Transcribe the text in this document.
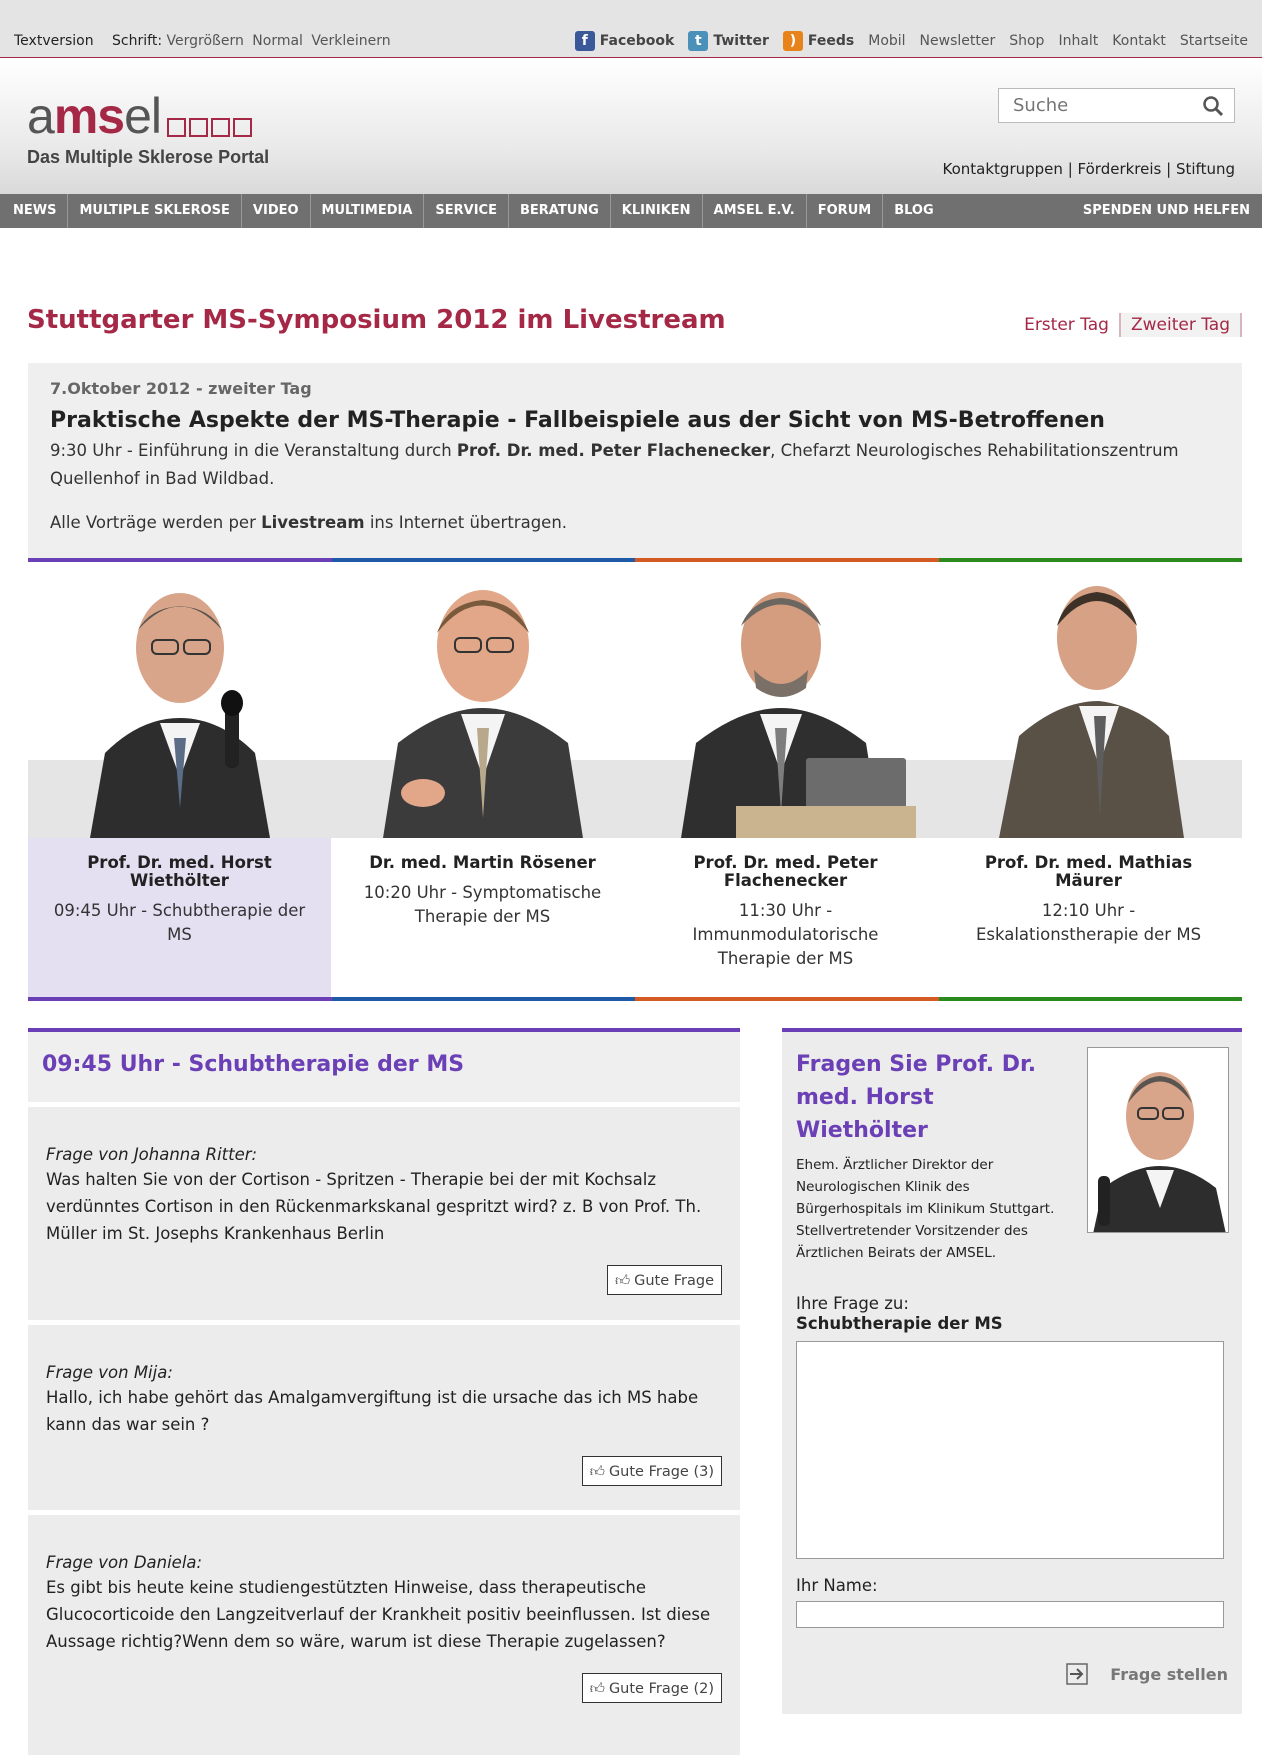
Textversion Schrift: Vergrößern Normal Verkleinern	f Facebook	t Twitter	) Feeds Mobil Newsletter Shop Inhalt Kontakt Startseite
amsel
Das Multiple Sklerose Portal
Suche
Kontaktgruppen | Förderkreis | Stiftung
NEWS	MULTIPLE SKLEROSE	VIDEO	MULTIMEDIA	SERVICE	BERATUNG	KLINIKEN	AMSEL E.V.	FORUM	BLOG	SPENDEN UND HELFEN
Stuttgarter MS-Symposium 2012 im Livestream	Erster Tag	Zweiter Tag
7.Oktober 2012 - zweiter Tag
Praktische Aspekte der MS-Therapie - Fallbeispiele aus der Sicht von MS-Betroffenen

9:30 Uhr - Einführung in die Veranstaltung durch Prof. Dr. med. Peter Flachenecker, Chefarzt Neurologisches Rehabilitationszentrum Quellenhof in Bad Wildbad.

Alle Vorträge werden per Livestream ins Internet übertragen.

Prof. Dr. med. Horst Wiethölter
09:45 Uhr - Schubtherapie der MS
Dr. med. Martin Rösener
10:20 Uhr - Symptomatische Therapie der MS
Prof. Dr. med. Peter Flachenecker
11:30 Uhr - Immunmodulatorische Therapie der MS
Prof. Dr. med. Mathias Mäurer
12:10 Uhr - Eskalationstherapie der MS
09:45 Uhr - Schubtherapie der MS
Frage von Johanna Ritter:
Was halten Sie von der Cortison - Spritzen - Therapie bei der mit Kochsalz verdünntes Cortison in den Rückenmarkskanal gespritzt wird? z. B von Prof. Th. Müller im St. Josephs Krankenhaus Berlin
👍︎ Gute Frage
Frage von Mija:
Hallo, ich habe gehört das Amalgamvergiftung ist die ursache das ich MS habe kann das war sein ?
👍︎ Gute Frage (3)
Frage von Daniela:
Es gibt bis heute keine studiengestützten Hinweise, dass therapeutische Glucocorticoide den Langzeitverlauf der Krankheit positiv beeinflussen. Ist diese Aussage richtig?Wenn dem so wäre, warum ist diese Therapie zugelassen?
👍︎ Gute Frage (2)
Fragen Sie Prof. Dr. med. Horst Wiethölter
Ehem. Ärztlicher Direktor der Neurologischen Klinik des Bürgerhospitals im Klinikum Stuttgart. Stellvertretender Vorsitzender des Ärztlichen Beirats der AMSEL.
Ihre Frage zu:
Schubtherapie der MS
Ihr Name:
Frage stellen
